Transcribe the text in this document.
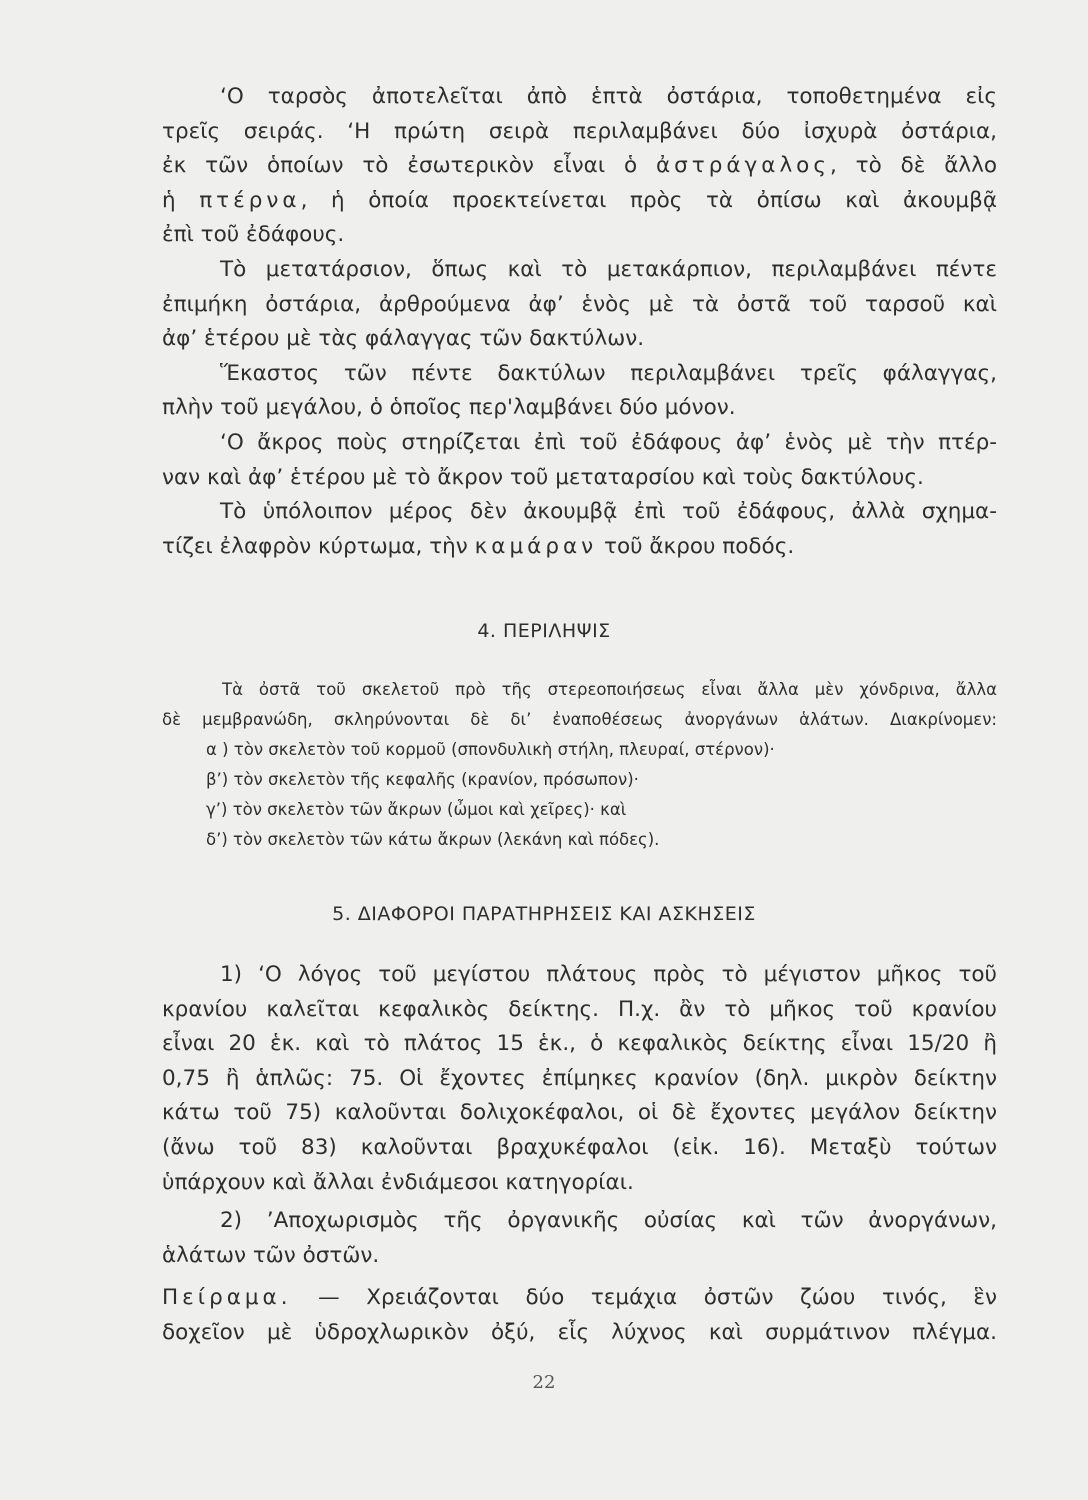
‘Ο ταρσὸς ἀποτελεῖται ἀπὸ ἑπτὰ ὀστάρια, τοποθετημένα εἰς
τρεῖς σειράς. ‘Η πρώτη σειρὰ περιλαμβάνει δύο ἰσχυρὰ ὀστάρια,
ἐκ τῶν ὁποίων τὸ ἐσωτερικὸν εἶναι ὁ ἀστράγαλος, τὸ δὲ ἄλλο
ἡ πτέρνα, ἡ ὁποία προεκτείνεται πρὸς τὰ ὀπίσω καὶ ἀκουμβᾷ
ἐπὶ τοῦ ἐδάφους.

Τὸ μετατάρσιον, ὅπως καὶ τὸ μετακάρπιον, περιλαμβάνει πέντε
ἐπιμήκη ὀστάρια, ἀρθρούμενα ἀφ’ ἑνὸς μὲ τὰ ὀστᾶ τοῦ ταρσοῦ καὶ
ἀφ’ ἑτέρου μὲ τὰς φάλαγγας τῶν δακτύλων.

Ἕκαστος τῶν πέντε δακτύλων περιλαμβάνει τρεῖς φάλαγγας,
πλὴν τοῦ μεγάλου, ὁ ὁποῖος περ'λαμβάνει δύο μόνον.

‘Ο ἄκρος ποὺς στηρίζεται ἐπὶ τοῦ ἐδάφους ἀφ’ ἑνὸς μὲ τὴν πτέρ-
ναν καὶ ἀφ’ ἑτέρου μὲ τὸ ἄκρον τοῦ μεταταρσίου καὶ τοὺς δακτύλους.

Τὸ ὑπόλοιπον μέρος δὲν ἀκουμβᾷ ἐπὶ τοῦ ἐδάφους, ἀλλὰ σχημα-
τίζει ἐλαφρὸν κύρτωμα, τὴν καμάραν τοῦ ἄκρου ποδός.

4. ΠΕΡΙΛΗΨΙΣ
Τὰ ὀστᾶ τοῦ σκελετοῦ πρὸ τῆς στερεοποιήσεως εἶναι ἄλλα μὲν χόνδρινα, ἄλλα
δὲ μεμβρανώδη, σκληρύνονται δὲ δι’ ἐναποθέσεως ἀνοργάνων ἁλάτων. Διακρίνομεν:
α ) τὸν σκελετὸν τοῦ κορμοῦ (σπονδυλικὴ στήλη, πλευραί, στέρνον)·
β’) τὸν σκελετὸν τῆς κεφαλῆς (κρανίον, πρόσωπον)·
γ’) τὸν σκελετὸν τῶν ἄκρων (ὦμοι καὶ χεῖρες)· καὶ
δ’) τὸν σκελετὸν τῶν κάτω ἄκρων (λεκάνη καὶ πόδες).
5. ΔΙΑΦΟΡΟΙ ΠΑΡΑΤΗΡΗΣΕΙΣ ΚΑΙ ΑΣΚΗΣΕΙΣ

1) ‘Ο λόγος τοῦ μεγίστου πλάτους πρὸς τὸ μέγιστον μῆκος τοῦ
κρανίου καλεῖται κεφαλικὸς δείκτης. Π.χ. ἂν τὸ μῆκος τοῦ κρανίου
εἶναι 20 ἑκ. καὶ τὸ πλάτος 15 ἑκ., ὁ κεφαλικὸς δείκτης εἶναι 15/20 ἢ
0,75 ἢ ἁπλῶς: 75. Οἱ ἔχοντες ἐπίμηκες κρανίον (δηλ. μικρὸν δείκτην
κάτω τοῦ 75) καλοῦνται δολιχοκέφαλοι, οἱ δὲ ἔχοντες μεγάλον δείκτην
(ἄνω τοῦ 83) καλοῦνται βραχυκέφαλοι (εἰκ. 16). Μεταξὺ τούτων
ὑπάρχουν καὶ ἄλλαι ἐνδιάμεσοι κατηγορίαι.

2) ’Αποχωρισμὸς τῆς ὀργανικῆς οὐσίας καὶ τῶν ἀνοργάνων,
ἁλάτων τῶν ὀστῶν.

Πείραμα. — Χρειάζονται δύο τεμάχια ὀστῶν ζώου τινός, ἓν
δοχεῖον μὲ ὑδροχλωρικὸν ὀξύ, εἷς λύχνος καὶ συρμάτινον πλέγμα.

22
